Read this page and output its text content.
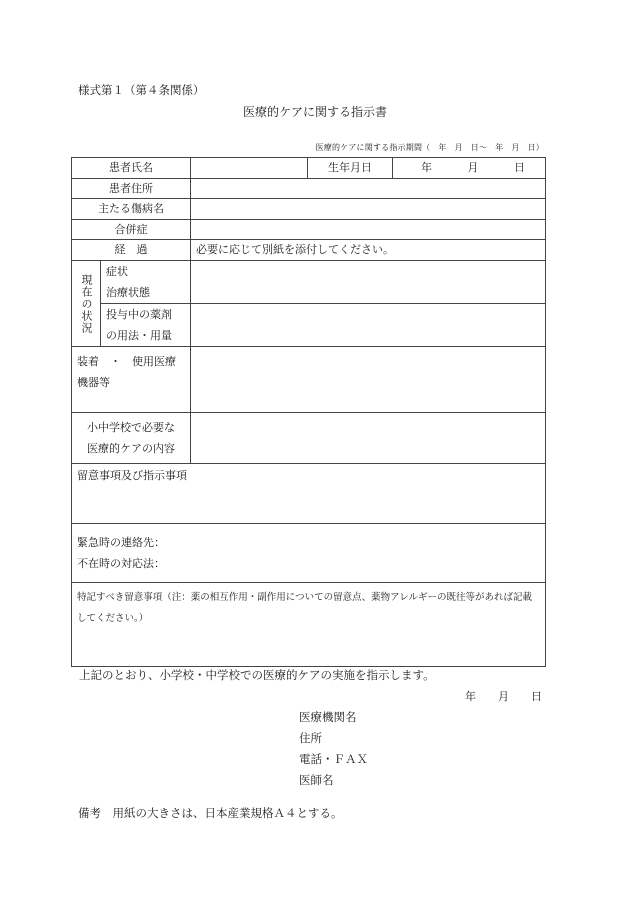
様式第１（第４条関係）
医療的ケアに関する指示書
医療的ケアに関する指示期間（ 年 月 日～ 年 月 日）
患者氏名			生年月日	年 月 日
患者住所				
主たる傷病名				
合併症				
経　過		必要に応じて別紙を添付してください。		
現在の状況	症状
治療状態			

	投与中の薬剤
の用法・用量			

装着　・　使用医療機器等				

小中学校で必要な
医療的ケアの内容				

留意事項及び指示事項				

緊急時の連絡先：
不在時の対応法：				

特記すべき留意事項（注：薬の相互作用・副作用についての留意点、薬物アレルギーの既往等があれば記載してください。）				
上記のとおり、小学校・中学校での医療的ケアの実施を指示します。
年 月 日
医療機関名
住所
電話・ＦＡＸ
医師名
備考　用紙の大きさは、日本産業規格Ａ４とする。
